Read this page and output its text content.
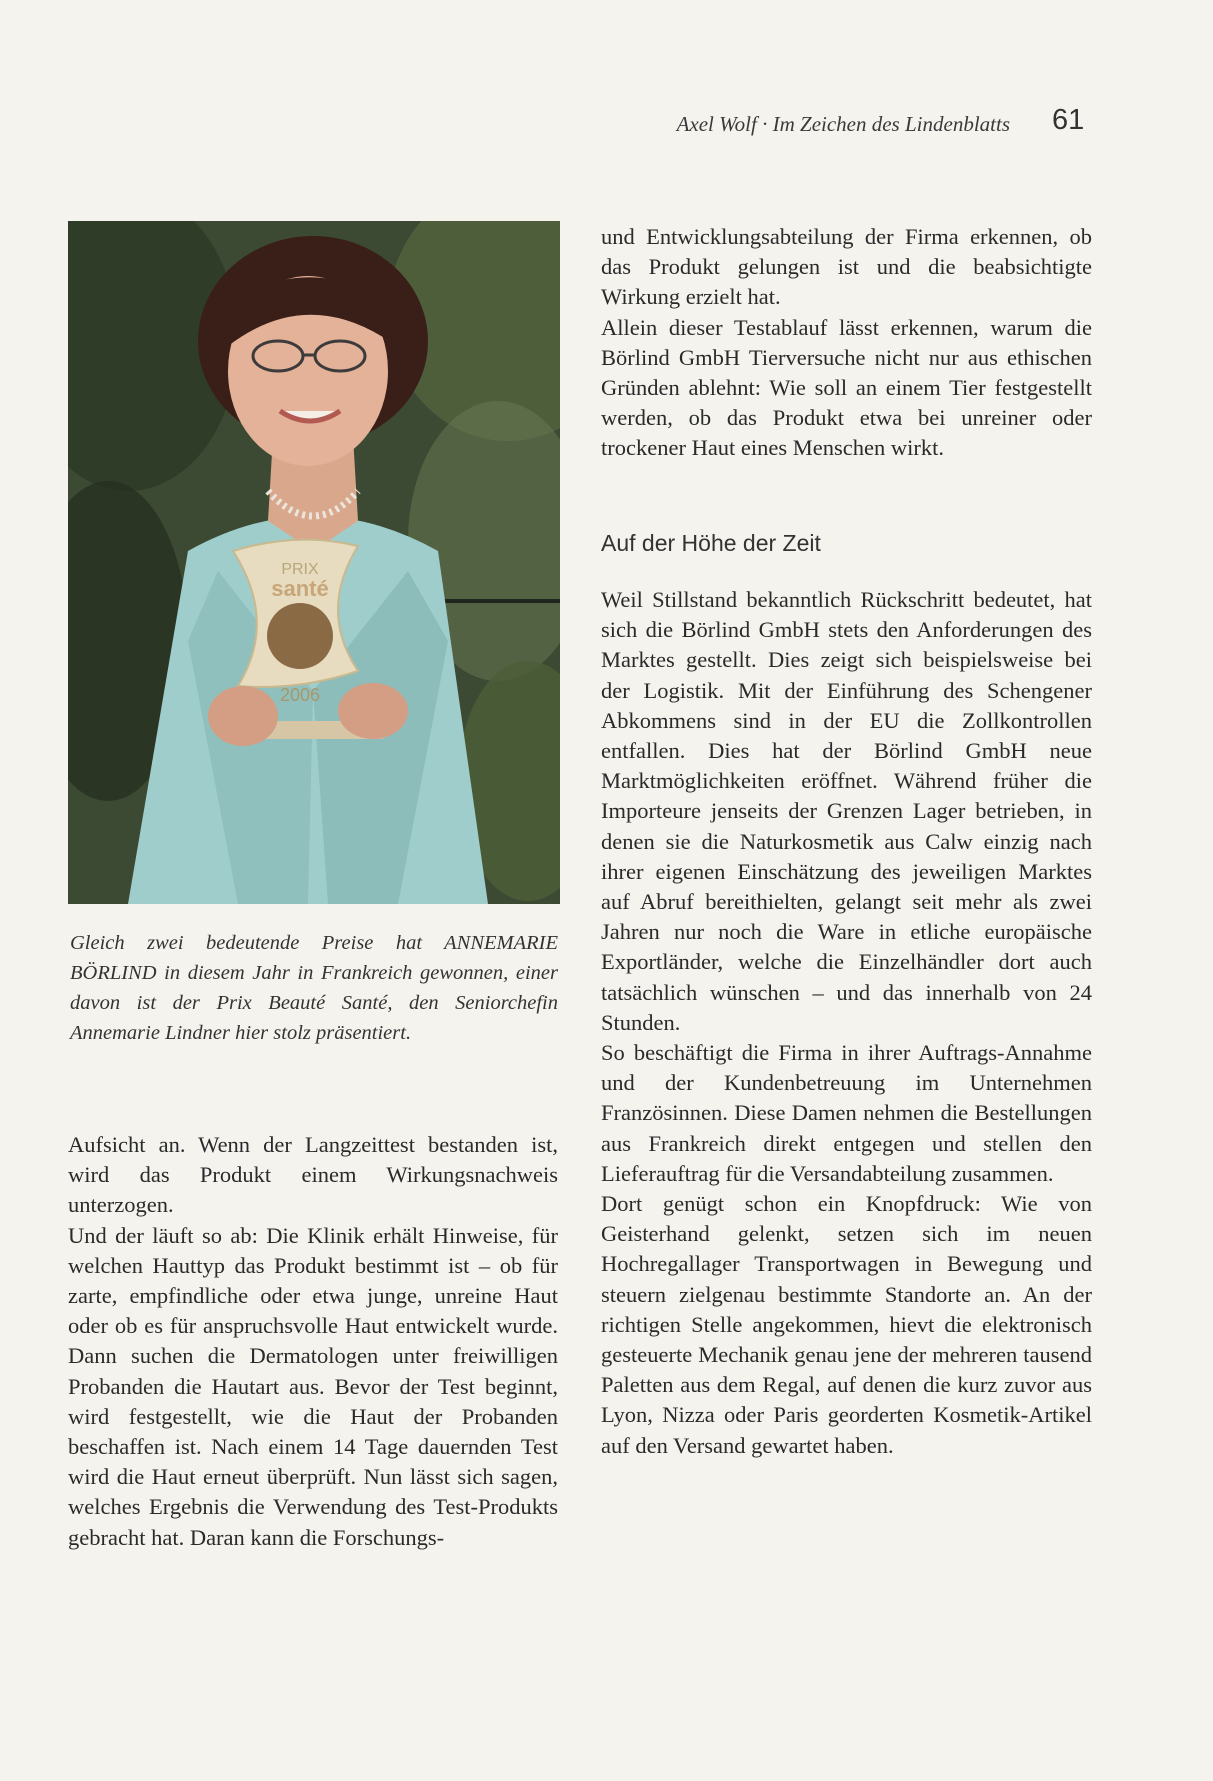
Axel Wolf · Im Zeichen des Lindenblatts 61
PRIX
santé
2006
Gleich zwei bedeutende Preise hat ANNEMARIE BÖRLIND in diesem Jahr in Frankreich gewonnen, einer davon ist der Prix Beauté Santé, den Seniorchefin Annemarie Lindner hier stolz präsentiert.

Aufsicht an. Wenn der Langzeittest bestanden ist, wird das Produkt einem Wirkungsnachweis unterzogen.

Und der läuft so ab: Die Klinik erhält Hinweise, für welchen Hauttyp das Produkt bestimmt ist – ob für zarte, empfindliche oder etwa junge, unreine Haut oder ob es für anspruchsvolle Haut entwickelt wurde. Dann suchen die Dermatologen unter freiwilligen Probanden die Hautart aus. Bevor der Test beginnt, wird festgestellt, wie die Haut der Probanden beschaffen ist. Nach einem 14 Tage dauernden Test wird die Haut erneut überprüft. Nun lässt sich sagen, welches Ergebnis die Verwendung des Test-Produkts gebracht hat. Daran kann die Forschungs-

und Entwicklungsabteilung der Firma erkennen, ob das Produkt gelungen ist und die beabsichtigte Wirkung erzielt hat.

Allein dieser Testablauf lässt erkennen, warum die Börlind GmbH Tierversuche nicht nur aus ethischen Gründen ablehnt: Wie soll an einem Tier festgestellt werden, ob das Produkt etwa bei unreiner oder trockener Haut eines Menschen wirkt.

Auf der Höhe der Zeit

Weil Stillstand bekanntlich Rückschritt bedeutet, hat sich die Börlind GmbH stets den Anforderungen des Marktes gestellt. Dies zeigt sich beispielsweise bei der Logistik. Mit der Einführung des Schengener Abkommens sind in der EU die Zollkontrollen entfallen. Dies hat der Börlind GmbH neue Marktmöglichkeiten eröffnet. Während früher die Importeure jenseits der Grenzen Lager betrieben, in denen sie die Naturkosmetik aus Calw einzig nach ihrer eigenen Einschätzung des jeweiligen Marktes auf Abruf bereithielten, gelangt seit mehr als zwei Jahren nur noch die Ware in etliche europäische Exportländer, welche die Einzelhändler dort auch tatsächlich wünschen – und das innerhalb von 24 Stunden.

So beschäftigt die Firma in ihrer Auftrags-Annahme und der Kundenbetreuung im Unternehmen Französinnen. Diese Damen nehmen die Bestellungen aus Frankreich direkt entgegen und stellen den Lieferauftrag für die Versandabteilung zusammen.

Dort genügt schon ein Knopfdruck: Wie von Geisterhand gelenkt, setzen sich im neuen Hochregallager Transportwagen in Bewegung und steuern zielgenau bestimmte Standorte an. An der richtigen Stelle angekommen, hievt die elektronisch gesteuerte Mechanik genau jene der mehreren tausend Paletten aus dem Regal, auf denen die kurz zuvor aus Lyon, Nizza oder Paris georderten Kosmetik-Artikel auf den Versand gewartet haben.
